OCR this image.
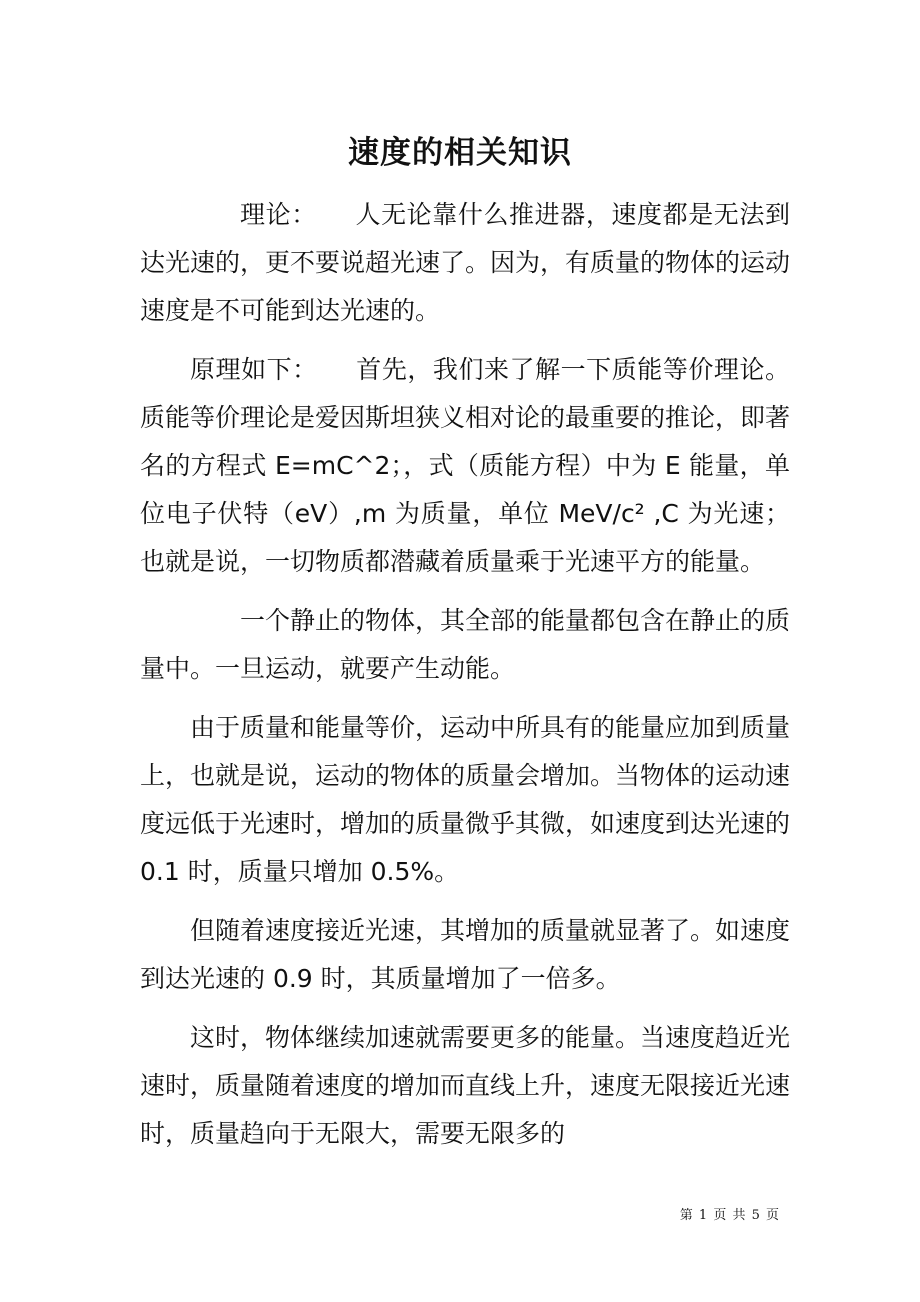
速度的相关知识

理论：　　人无论靠什么推进器，速度都是无法到达光速的，更不要说超光速了。因为，有质量的物体的运动速度是不可能到达光速的。

原理如下：　　首先，我们来了解一下质能等价理论。质能等价理论是爱因斯坦狭义相对论的最重要的推论，即著名的方程式 E=mC^2；，式（质能方程）中为 E 能量，单位电子伏特（eV）,m 为质量，单位 MeV/c² ,C 为光速；也就是说，一切物质都潜藏着质量乘于光速平方的能量。

一个静止的物体，其全部的能量都包含在静止的质量中。一旦运动，就要产生动能。

由于质量和能量等价，运动中所具有的能量应加到质量上，也就是说，运动的物体的质量会增加。当物体的运动速度远低于光速时，增加的质量微乎其微，如速度到达光速的 0.1 时，质量只增加 0.5%。

但随着速度接近光速，其增加的质量就显著了。如速度到达光速的 0.9 时，其质量增加了一倍多。

这时，物体继续加速就需要更多的能量。当速度趋近光速时，质量随着速度的增加而直线上升，速度无限接近光速时，质量趋向于无限大，需要无限多的

第 1 页 共 5 页
